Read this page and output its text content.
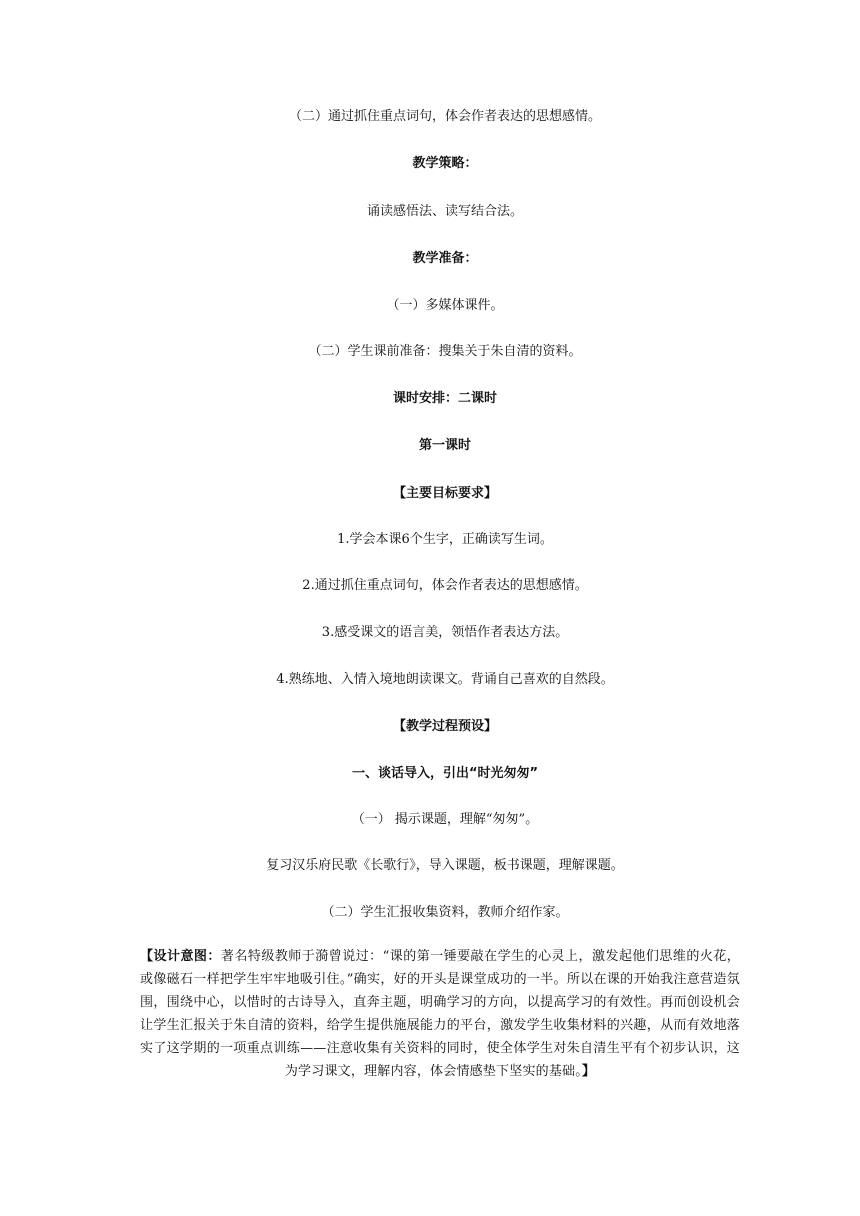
（二）通过抓住重点词句，体会作者表达的思想感情。
教学策略：
诵读感悟法、读写结合法。
教学准备：
（一）多媒体课件。
（二）学生课前准备：搜集关于朱自清的资料。
课时安排：二课时
第一课时
【主要目标要求】
1.学会本课6个生字，正确读写生词。
2.通过抓住重点词句，体会作者表达的思想感情。
3.感受课文的语言美，领悟作者表达方法。
4.熟练地、入情入境地朗读课文。背诵自己喜欢的自然段。
【教学过程预设】
一、谈话导入，引出“时光匆匆”
（一） 揭示课题，理解“匆匆”。
复习汉乐府民歌《长歌行》，导入课题，板书课题，理解课题。
（二）学生汇报收集资料，教师介绍作家。
【设计意图：著名特级教师于漪曾说过：“课的第一锤要敲在学生的心灵上，激发起他们思维的火花，或像磁石一样把学生牢牢地吸引住。”确实，好的开头是课堂成功的一半。所以在课的开始我注意营造氛围，围绕中心，以惜时的古诗导入，直奔主题，明确学习的方向，以提高学习的有效性。再而创设机会让学生汇报关于朱自清的资料，给学生提供施展能力的平台，激发学生收集材料的兴趣，从而有效地落实了这学期的一项重点训练——注意收集有关资料的同时，使全体学生对朱自清生平有个初步认识，这为学习课文，理解内容，体会情感垫下坚实的基础。】
